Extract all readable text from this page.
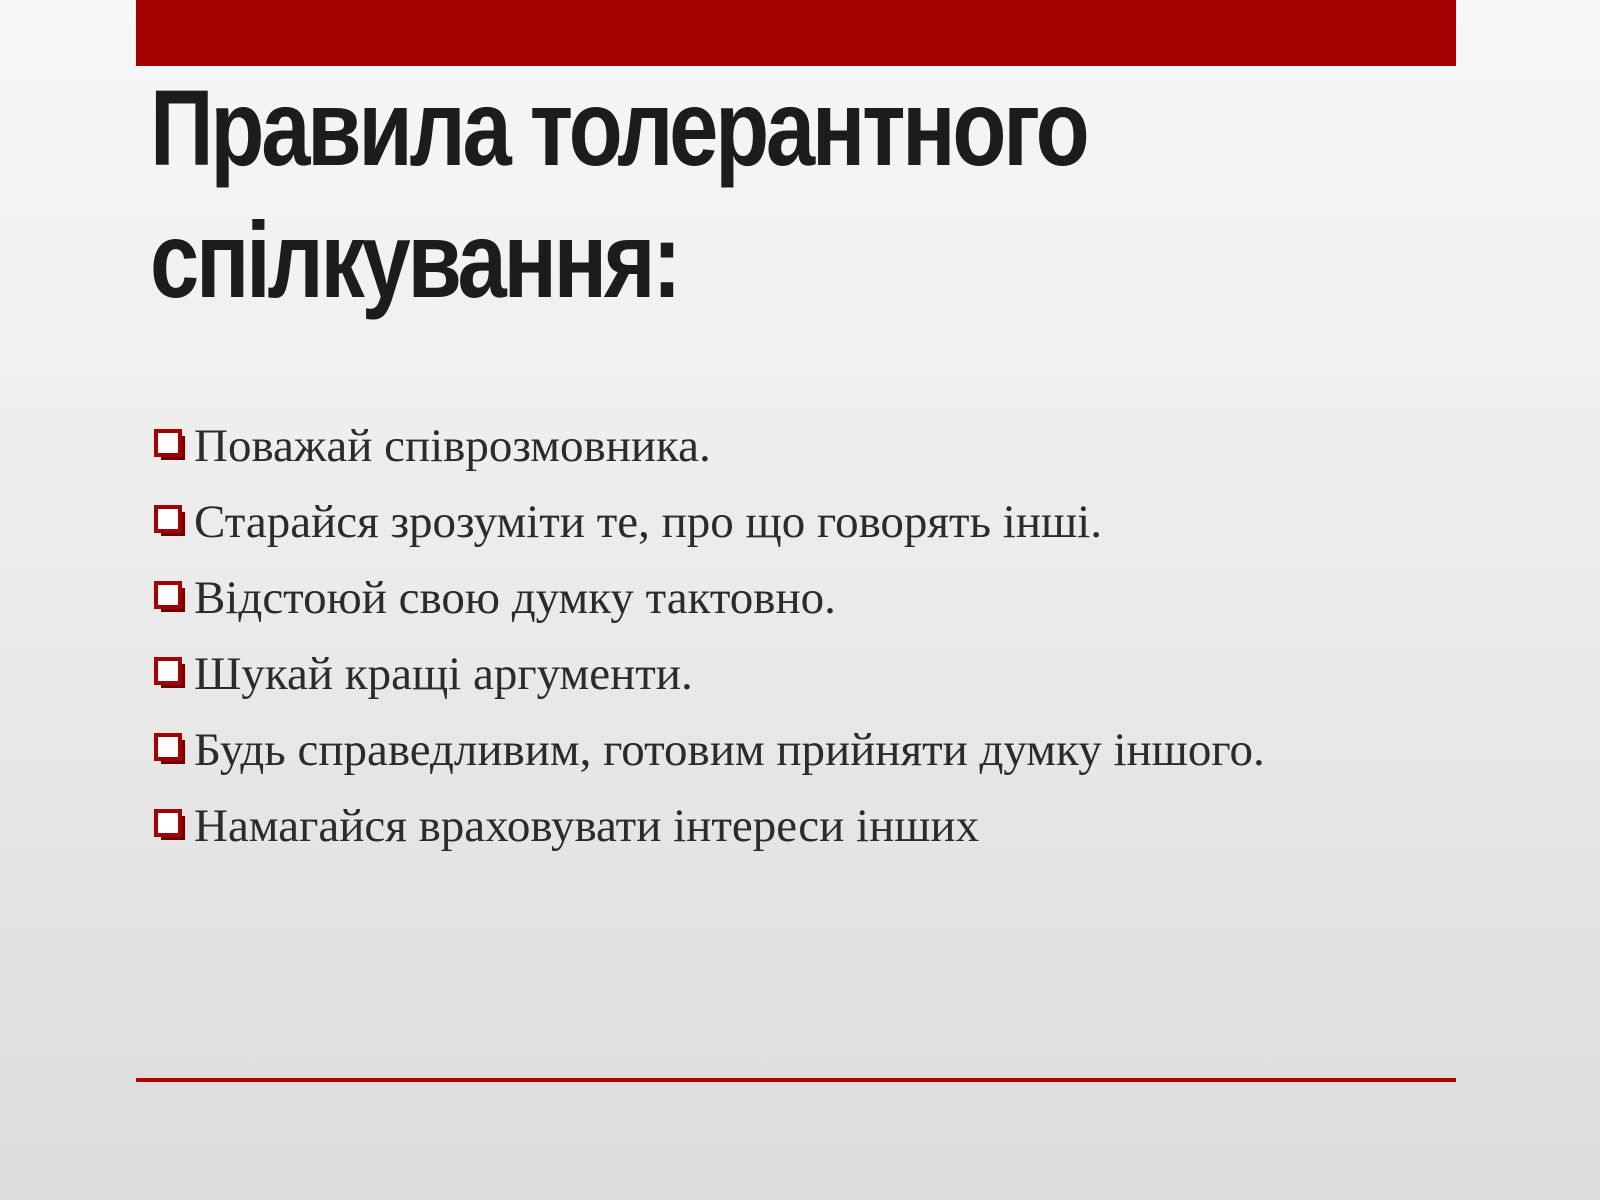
Правила толерантного
спілкування:
Поважай співрозмовника.
Старайся зрозуміти те, про що говорять інші.
Відстоюй свою думку тактовно.
Шукай кращі аргументи.
Будь справедливим, готовим прийняти думку іншого.
Намагайся враховувати інтереси інших
